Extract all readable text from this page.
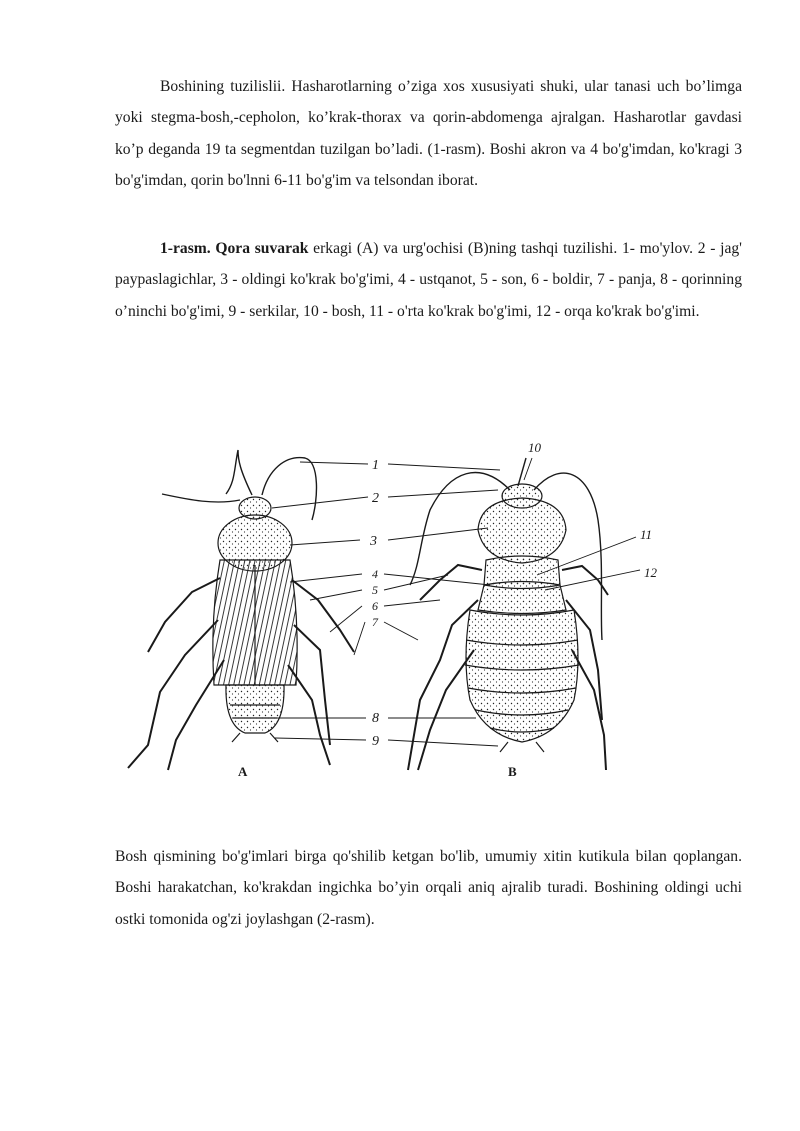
Boshining tuzilislii. Hasharotlarning o’ziga xos xususiyati shuki, ular tanasi uch bo’limga yoki stegma-bosh,-cepholon, ko’krak-thorax va qorin-abdomenga ajralgan. Hasharotlar gavdasi ko’p deganda 19 ta segmentdan tuzilgan bo’ladi. (1-rasm). Boshi akron va 4 bo'g'imdan, ko'kragi 3 bo'g'imdan, qorin bo'lnni 6-11 bo'g'im va telsondan iborat.

1-rasm. Qora suvarak erkagi (A) va urg'ochisi (B)ning tashqi tuzilishi. 1- mo'ylov. 2 - jag' paypaslagichlar, 3 - oldingi ko'krak bo'g'imi, 4 - ustqanot, 5 - son, 6 - boldir, 7 - panja, 8 - qorinning o’ninchi bo'g'imi, 9 - serkilar, 10 - bosh, 11 - o'rta ko'krak bo'g'imi, 12 - orqa ko'krak bo'g'imi.

1
2
3
4
5
6
7
8
9
10
11
12
A	B

Bosh qismining bo'g'imlari birga qo'shilib ketgan bo'lib, umumiy xitin kutikula bilan qoplangan. Boshi harakatchan, ko'krakdan ingichka bo’yin orqali aniq ajralib turadi. Boshining oldingi uchi ostki tomonida og'zi joylashgan (2-rasm).
